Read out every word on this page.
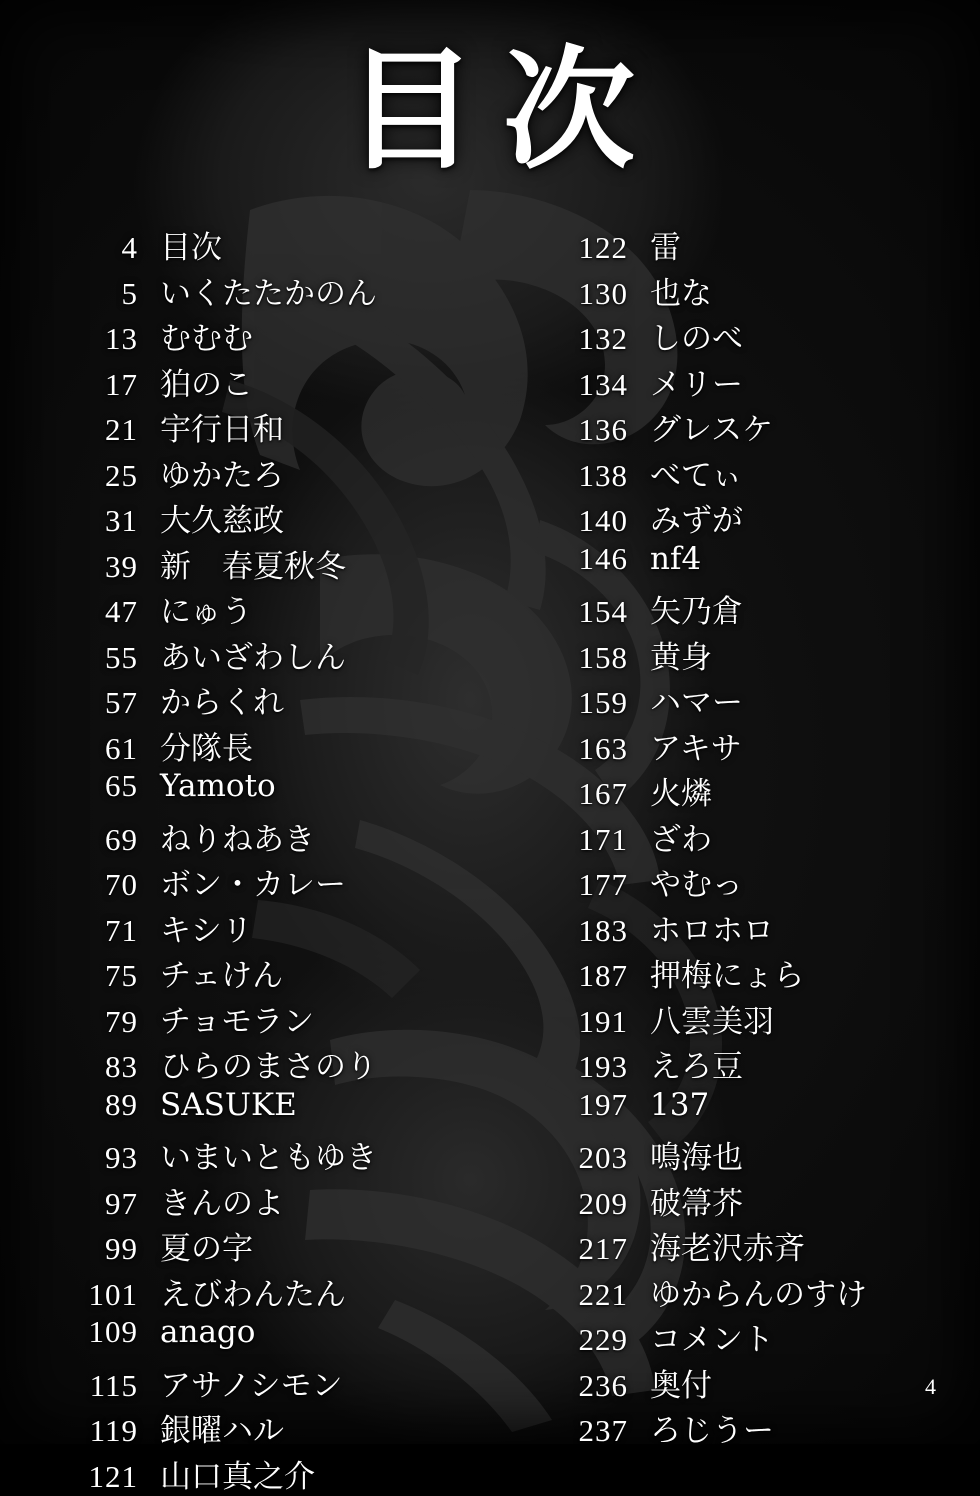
目次
4 目次
5 いくたたかのん
13 むむむ
17 狛のこ
21 宇行日和
25 ゆかたろ
31 大久慈政
39 新　春夏秋冬
47 にゅう
55 あいざわしん
57 からくれ
61 分隊長
65 Yamoto
69 ねりねあき
70 ボン・カレー
71 キシリ
75 チェけん
79 チョモラン
83 ひらのまさのり
89 SASUKE
93 いまいともゆき
97 きんのよ
99 夏の字
101 えびわんたん
109 anago
115 アサノシモン
119 銀曜ハル
121 山口真之介
122 雷
130 也な
132 しのべ
134 メリー
136 グレスケ
138 べてぃ
140 みずが
146 nf4
154 矢乃倉
158 黄身
159 ハマー
163 アキサ
167 火燐
171 ざわ
177 やむっ
183 ホロホロ
187 押梅にょら
191 八雲美羽
193 えろ豆
197 137
203 鳴海也
209 破箒芥
217 海老沢赤斉
221 ゆからんのすけ
229 コメント
236 奥付
237 ろじうー
4
